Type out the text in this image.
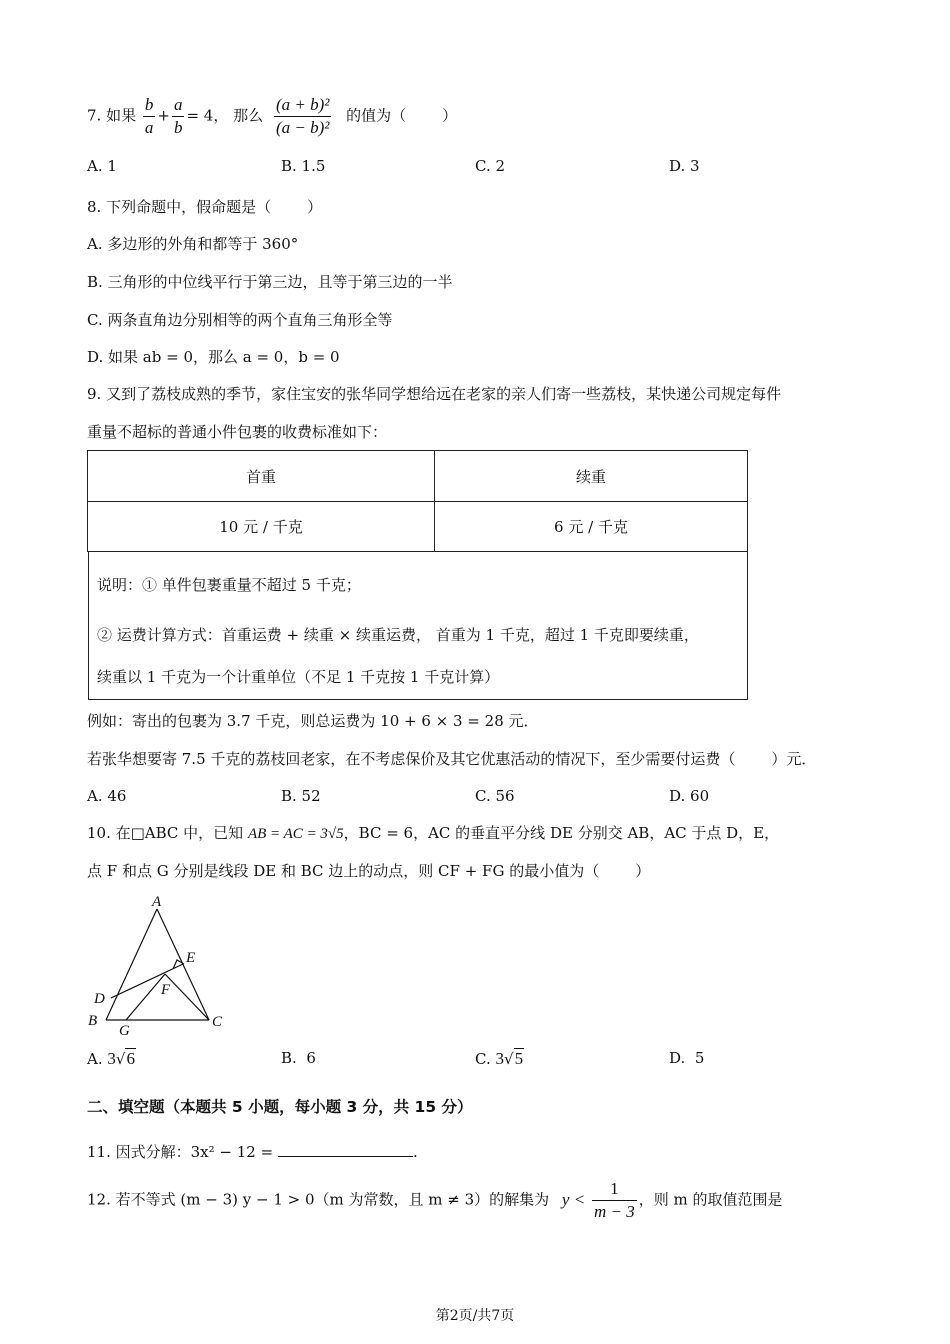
7. 如果 $\frac{b}{a} + \frac{a}{b} = 4$， 那么 $\frac{\text{(a + b)²}}{\text{(a − b)²}}$ 的值为（ ）
A. 1	B. 1.5	C. 2	D. 3
8. 下列命题中，假命题是（ ）
A. 多边形的外角和都等于 360°
B. 三角形的中位线平行于第三边，且等于第三边的一半
C. 两条直角边分别相等的两个直角三角形全等
D. 如果 ab = 0，那么 a = 0，b = 0
9. 又到了荔枝成熟的季节，家住宝安的张华同学想给远在老家的亲人们寄一些荔枝，某快递公司规定每件
重量不超标的普通小件包裹的收费标准如下：
首重	续重
10 元 / 千克	6 元 / 千克
说明：① 单件包裹重量不超过 5 千克；
② 运费计算方式：首重运费 + 续重 × 续重运费， 首重为 1 千克，超过 1 千克即要续重，
续重以 1 千克为一个计重单位（不足 1 千克按 1 千克计算）
例如：寄出的包裹为 3.7 千克，则总运费为 10 + 6 × 3 = 28 元．
若张华想要寄 7.5 千克的荔枝回老家，在不考虑保价及其它优惠活动的情况下，至少需要付运费（ ）元．
A. 46	B. 52	C. 56	D. 60
10. 在□ABC 中，已知 AB = AC = 3√5，BC = 6，AC 的垂直平分线 DE 分别交 AB，AC 于点 D，E，
点 F 和点 G 分别是线段 DE 和 BC 边上的动点，则 CF + FG 的最小值为（ ）
A
B	C
D
E
F
G
A. 3√6	B. 6	C. 3√5	D. 5
二、填空题（本题共 5 小题，每小题 3 分，共 15 分）
11. 因式分解：3x² − 12 =	.
12. 若不等式 (m − 3) y − 1 > 0（m 为常数，且 m ≠ 3）的解集为 $y < \frac{1}{m - 3}$ ，则 m 的取值范围是
第2页/共7页
